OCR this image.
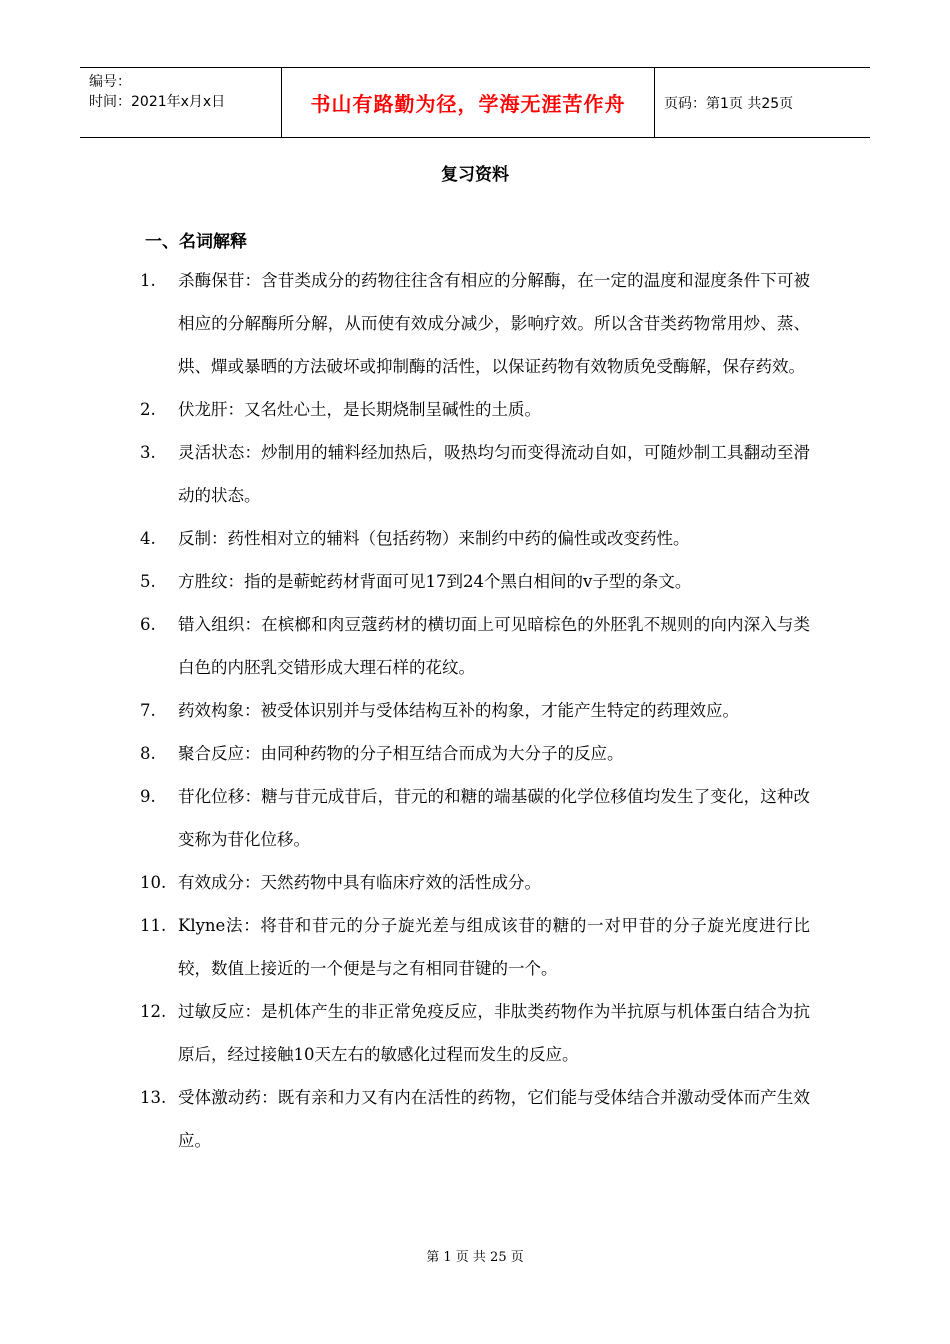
编号：
时间：2021年x月x日	书山有路勤为径，学海无涯苦作舟	页码：第1页 共25页
复习资料
一、名词解释
1.	杀酶保苷：含苷类成分的药物往往含有相应的分解酶，在一定的温度和湿度条件下可被相应的分解酶所分解，从而使有效成分减少，影响疗效。所以含苷类药物常用炒、蒸、烘、燀或暴晒的方法破坏或抑制酶的活性，以保证药物有效物质免受酶解，保存药效。
2.	伏龙肝：又名灶心土，是长期烧制呈碱性的土质。
3.	灵活状态：炒制用的辅料经加热后，吸热均匀而变得流动自如，可随炒制工具翻动至滑动的状态。
4.	反制：药性相对立的辅料（包括药物）来制约中药的偏性或改变药性。
5.	方胜纹：指的是蕲蛇药材背面可见17到24个黑白相间的v子型的条文。
6.	错入组织：在槟榔和肉豆蔻药材的横切面上可见暗棕色的外胚乳不规则的向内深入与类白色的内胚乳交错形成大理石样的花纹。
7.	药效构象：被受体识别并与受体结构互补的构象，才能产生特定的药理效应。
8.	聚合反应：由同种药物的分子相互结合而成为大分子的反应。
9.	苷化位移：糖与苷元成苷后，苷元的和糖的端基碳的化学位移值均发生了变化，这种改变称为苷化位移。
10. 有效成分：天然药物中具有临床疗效的活性成分。
11. Klyne法：将苷和苷元的分子旋光差与组成该苷的糖的一对甲苷的分子旋光度进行比较，数值上接近的一个便是与之有相同苷键的一个。
12. 过敏反应：是机体产生的非正常免疫反应，非肽类药物作为半抗原与机体蛋白结合为抗原后，经过接触10天左右的敏感化过程而发生的反应。
13. 受体激动药：既有亲和力又有内在活性的药物，它们能与受体结合并激动受体而产生效应。
第 1 页 共 25 页
